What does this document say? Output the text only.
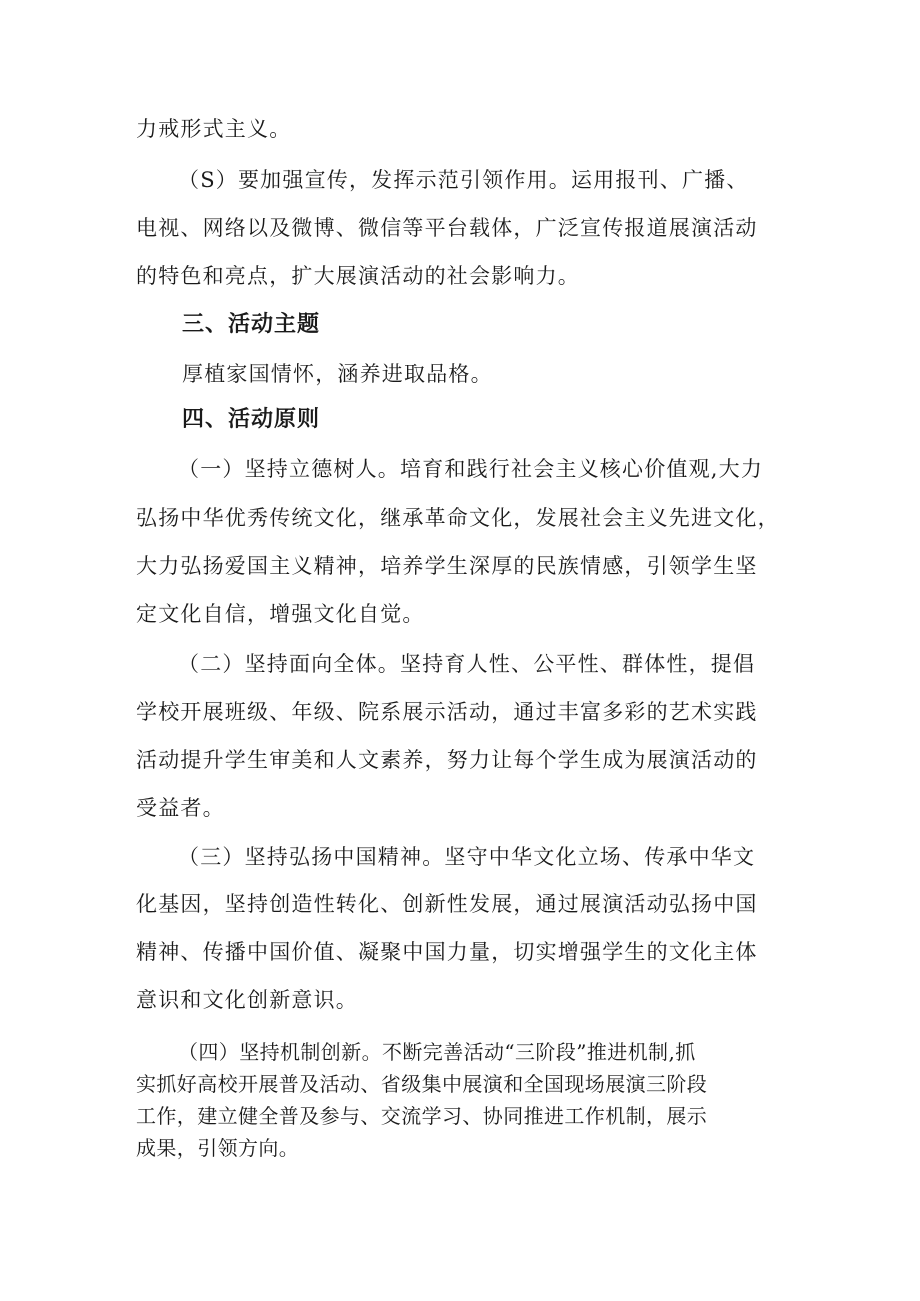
力戒形式主义。
（S）要加强宣传，发挥示范引领作用。运用报刊、广播、
电视、网络以及微博、微信等平台载体，广泛宣传报道展演活动
的特色和亮点，扩大展演活动的社会影响力。
三、活动主题
厚植家国情怀，涵养进取品格。
四、活动原则
（一）坚持立德树人。培育和践行社会主义核心价值观,大力
弘扬中华优秀传统文化，继承革命文化，发展社会主义先进文化，
大力弘扬爱国主义精神，培养学生深厚的民族情感，引领学生坚
定文化自信，增强文化自觉。
（二）坚持面向全体。坚持育人性、公平性、群体性，提倡
学校开展班级、年级、院系展示活动，通过丰富多彩的艺术实践
活动提升学生审美和人文素养，努力让每个学生成为展演活动的
受益者。
（三）坚持弘扬中国精神。坚守中华文化立场、传承中华文
化基因，坚持创造性转化、创新性发展，通过展演活动弘扬中国
精神、传播中国价值、凝聚中国力量，切实增强学生的文化主体
意识和文化创新意识。
（四）坚持机制创新。不断完善活动“三阶段”推进机制,抓
实抓好高校开展普及活动、省级集中展演和全国现场展演三阶段
工作，建立健全普及参与、交流学习、协同推进工作机制，展示
成果，引领方向。
